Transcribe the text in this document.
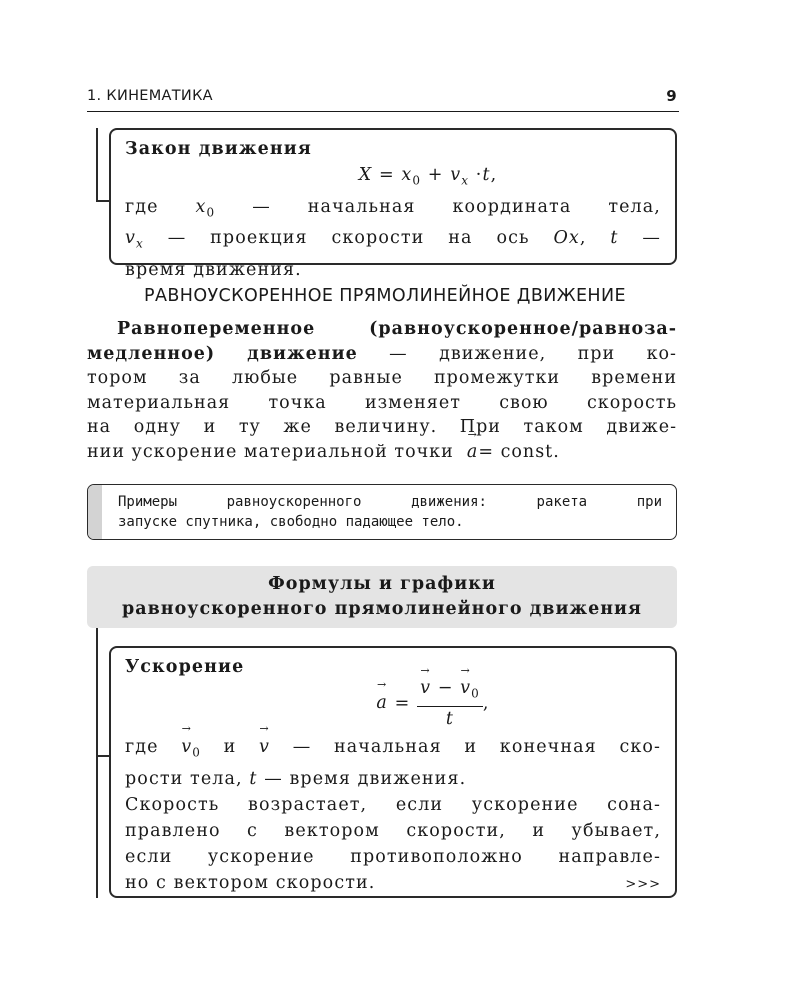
1. КИНЕМАТИКА	9
Закон движения
$X = x_0 + v_x \cdot t$,
где $x_0$ — начальная координата тела,
$v_x$ — проекция скорости на ось Ox, t —
время движения.
РАВНОУСКОРЕННОЕ ПРЯМОЛИНЕЙНОЕ ДВИЖЕНИЕ
Равнопеременное (равноускоренное/равноза-
медленное) движение — движение, при ко-
тором за любые равные промежутки времени
материальная точка изменяет свою скорость
на одну и ту же величину. При таком движе-
нии ускорение материальной точки → a= const.
Примеры равноускоренного движения: ракета при
запуске спутника, свободно падающее тело.
Формулы и графики
равноускоренного прямолинейного движения
Ускорение
→ a = → $\frac{v - \to v_0}{t}$ ,
где → $v_0$ и → v — начальная и конечная ско-
рости тела, t — время движения.
Скорость возрастает, если ускорение сона-
правлено с вектором скорости, и убывает,
если ускорение противоположно направле-
но с вектором скорости.	>>>
